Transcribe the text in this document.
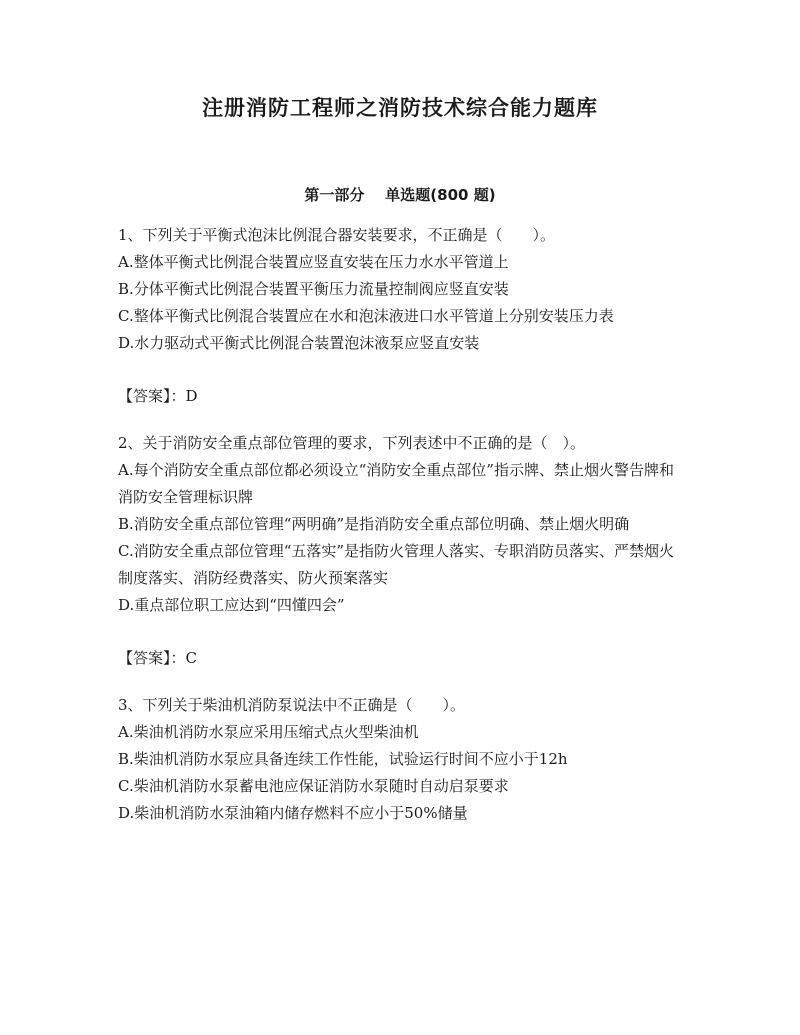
注册消防工程师之消防技术综合能力题库
第一部分    单选题(800 题)

1、下列关于平衡式泡沫比例混合器安装要求，不正确是（　　）。

A.整体平衡式比例混合装置应竖直安装在压力水水平管道上

B.分体平衡式比例混合装置平衡压力流量控制阀应竖直安装

C.整体平衡式比例混合装置应在水和泡沫液进口水平管道上分别安装压力表

D.水力驱动式平衡式比例混合装置泡沫液泵应竖直安装

【答案】：D

2、关于消防安全重点部位管理的要求，下列表述中不正确的是（　）。

A.每个消防安全重点部位都必须设立“消防安全重点部位”指示牌、禁止烟火警告牌和消防安全管理标识牌

B.消防安全重点部位管理“两明确”是指消防安全重点部位明确、禁止烟火明确

C.消防安全重点部位管理“五落实”是指防火管理人落实、专职消防员落实、严禁烟火制度落实、消防经费落实、防火预案落实

D.重点部位职工应达到“四懂四会”

【答案】：C

3、下列关于柴油机消防泵说法中不正确是（　　）。

A.柴油机消防水泵应采用压缩式点火型柴油机

B.柴油机消防水泵应具备连续工作性能，试验运行时间不应小于12h

C.柴油机消防水泵蓄电池应保证消防水泵随时自动启泵要求

D.柴油机消防水泵油箱内储存燃料不应小于50%储量
